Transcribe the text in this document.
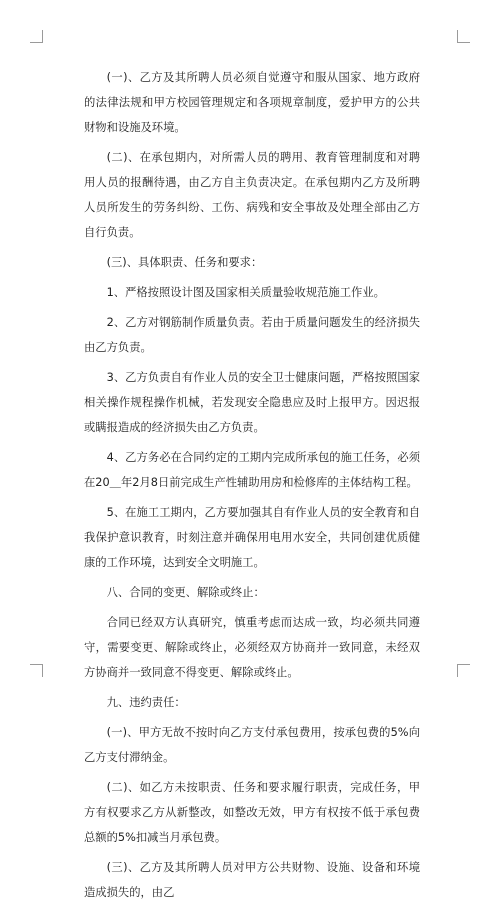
(一)、乙方及其所聘人员必须自觉遵守和服从国家、地方政府的法律法规和甲方校园管理规定和各项规章制度，爱护甲方的公共财物和设施及环境。

(二)、在承包期内，对所需人员的聘用、教育管理制度和对聘用人员的报酬待遇，由乙方自主负责决定。在承包期内乙方及所聘人员所发生的劳务纠纷、工伤、病残和安全事故及处理全部由乙方自行负责。

(三)、具体职责、任务和要求：

1、严格按照设计图及国家相关质量验收规范施工作业。

2、乙方对钢筋制作质量负责。若由于质量问题发生的经济损失由乙方负责。

3、乙方负责自有作业人员的安全卫士健康问题，严格按照国家相关操作规程操作机械，若发现安全隐患应及时上报甲方。因迟报或瞒报造成的经济损失由乙方负责。

4、乙方务必在合同约定的工期内完成所承包的施工任务，必须在20＿年2月8日前完成生产性辅助用房和检修库的主体结构工程。

5、在施工工期内，乙方要加强其自有作业人员的安全教育和自我保护意识教育，时刻注意并确保用电用水安全，共同创建优质健康的工作环境，达到安全文明施工。

八、合同的变更、解除或终止：

合同已经双方认真研究，慎重考虑而达成一致，均必须共同遵守，需要变更、解除或终止，必须经双方协商并一致同意，未经双方协商并一致同意不得变更、解除或终止。

九、违约责任：

(一)、甲方无故不按时向乙方支付承包费用，按承包费的5%向乙方支付滞纳金。

(二)、如乙方未按职责、任务和要求履行职责，完成任务，甲方有权要求乙方从新整改，如整改无效，甲方有权按不低于承包费总额的5%扣减当月承包费。

(三)、乙方及其所聘人员对甲方公共财物、设施、设备和环境造成损失的，由乙
